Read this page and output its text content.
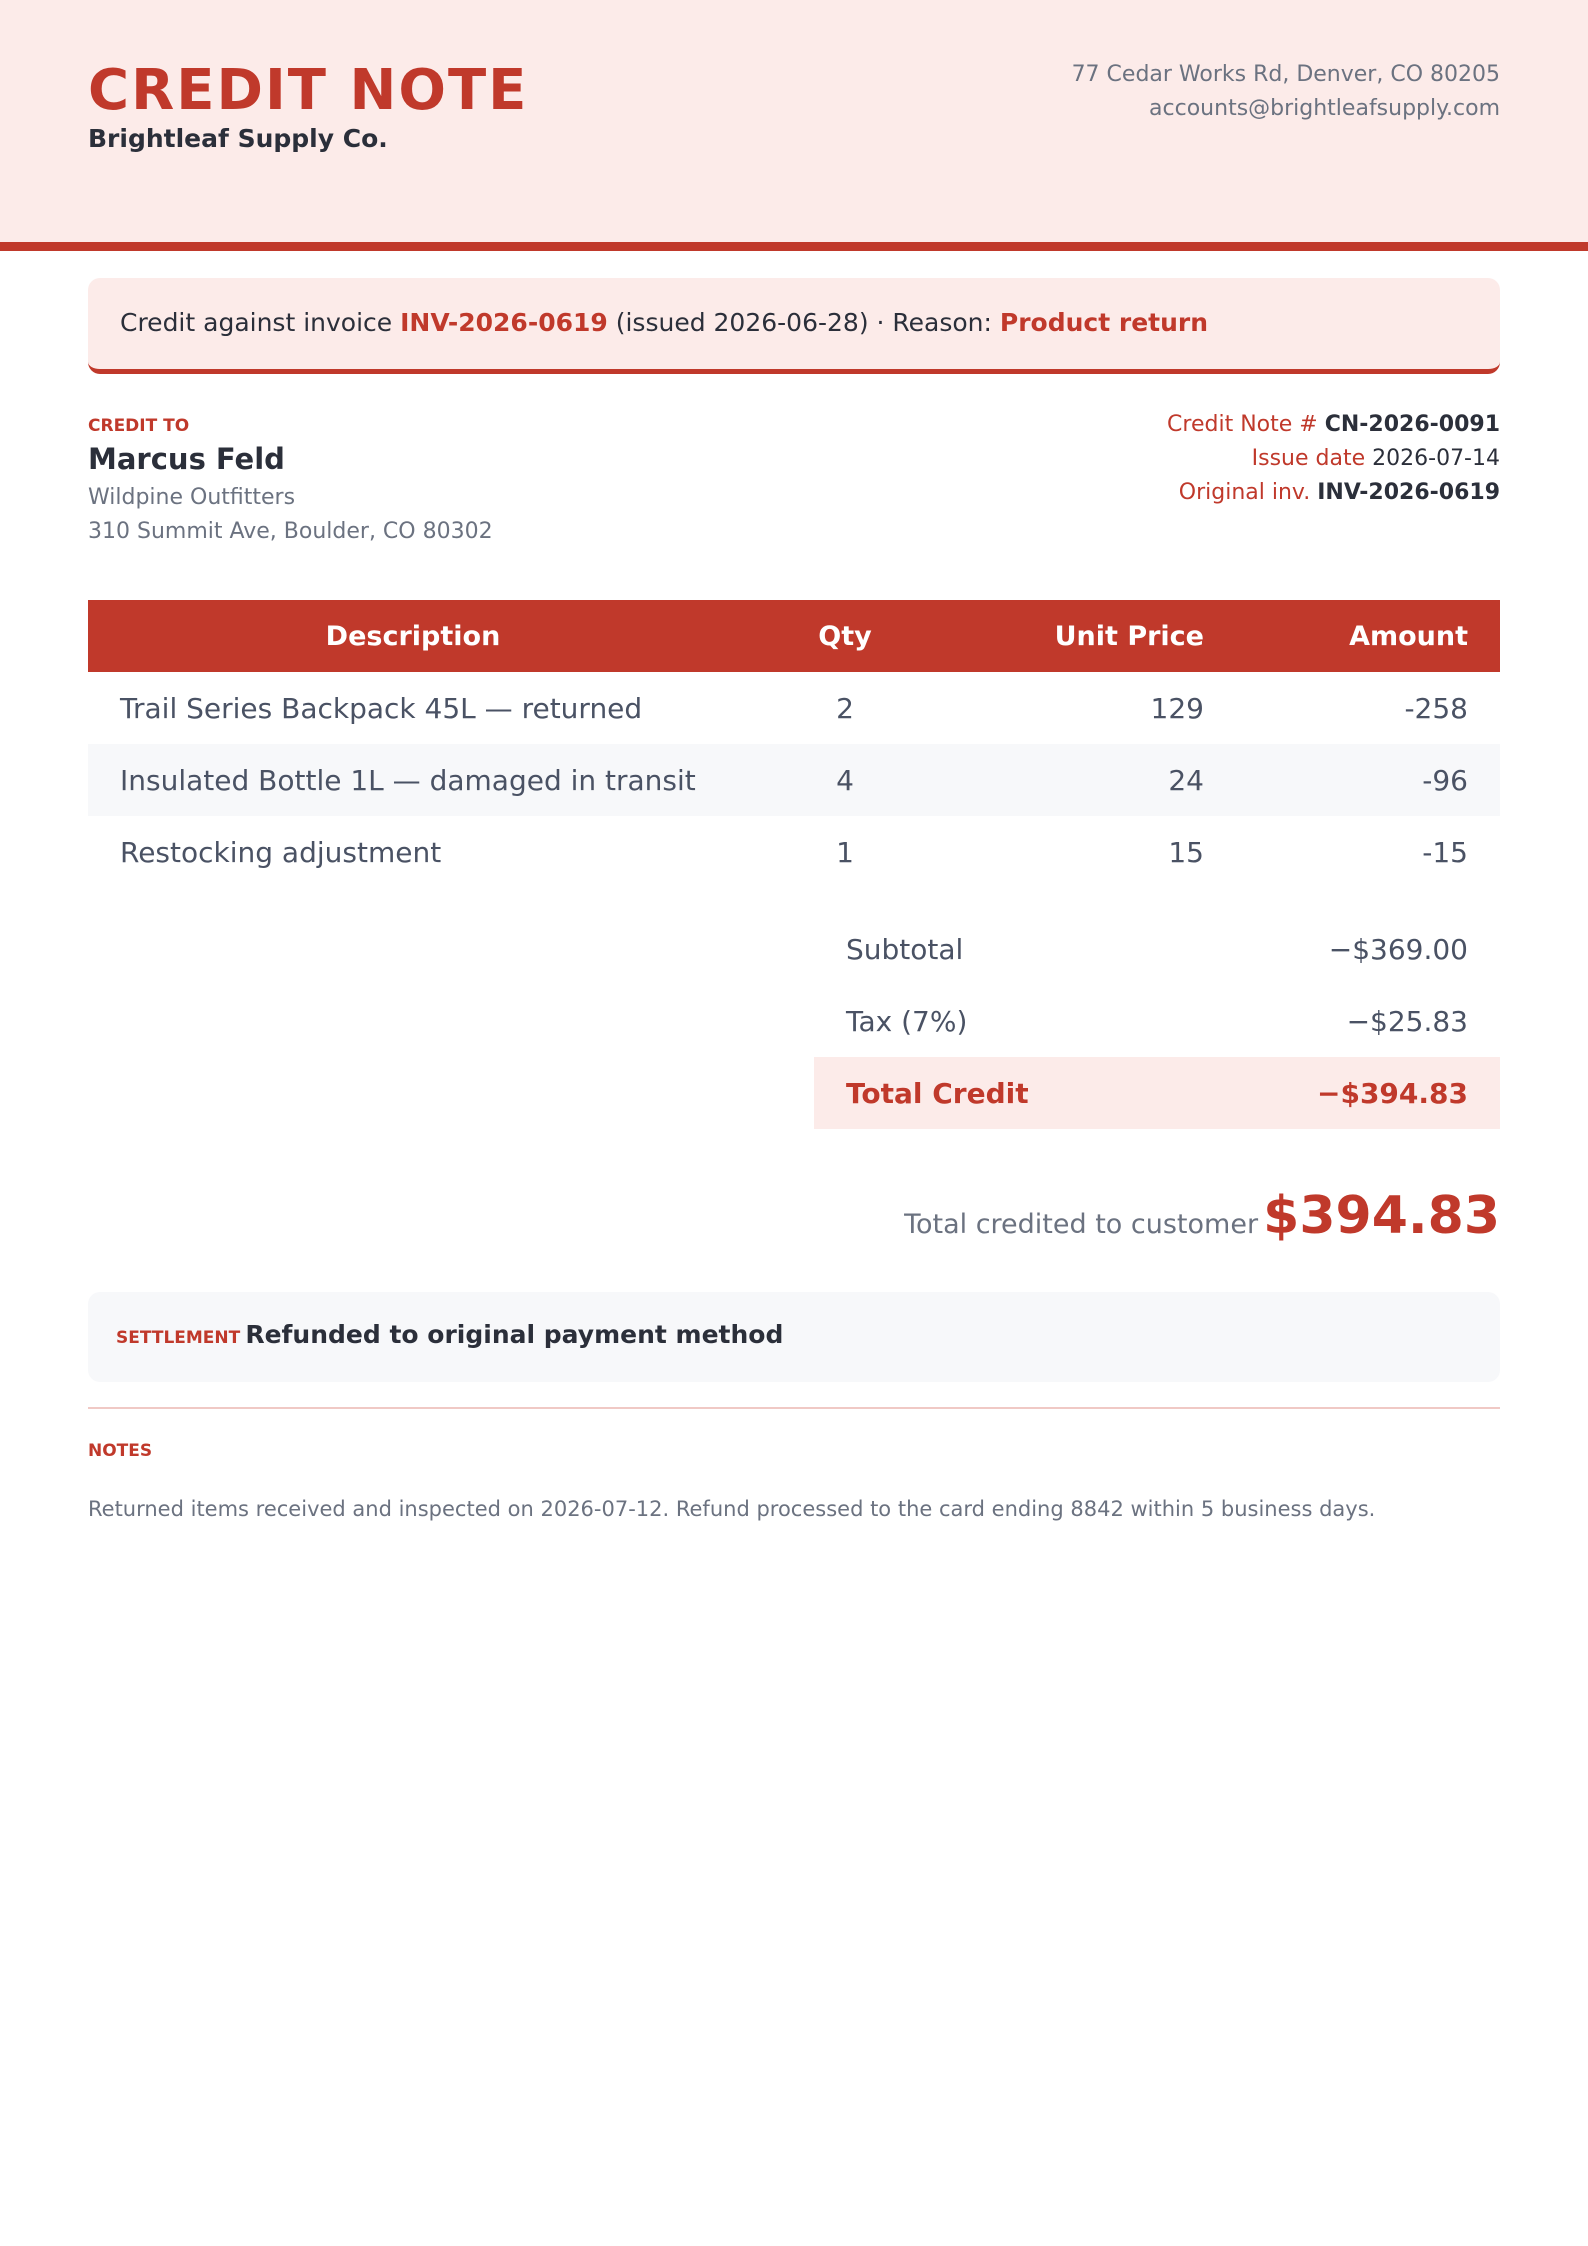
CREDIT NOTE
Brightleaf Supply Co.
77 Cedar Works Rd, Denver, CO 80205
accounts@brightleafsupply.com
Credit against invoice INV-2026-0619 (issued 2026-06-28) · Reason: Product return
CREDIT TO
Marcus Feld
Wildpine Outfitters
310 Summit Ave, Boulder, CO 80302
Credit Note # CN-2026-0091
Issue date 2026-07-14
Original inv. INV-2026-0619
Description	Qty	Unit Price	Amount
Trail Series Backpack 45L — returned	2	129	-258
Insulated Bottle 1L — damaged in transit	4	24	-96
Restocking adjustment	1	15	-15
Subtotal	−$369.00
Tax (7%)	−$25.83
Total Credit	−$394.83
Total credited to customer $394.83
SETTLEMENT Refunded to original payment method
NOTES
Returned items received and inspected on 2026-07-12. Refund processed to the card ending 8842 within 5 business days.
